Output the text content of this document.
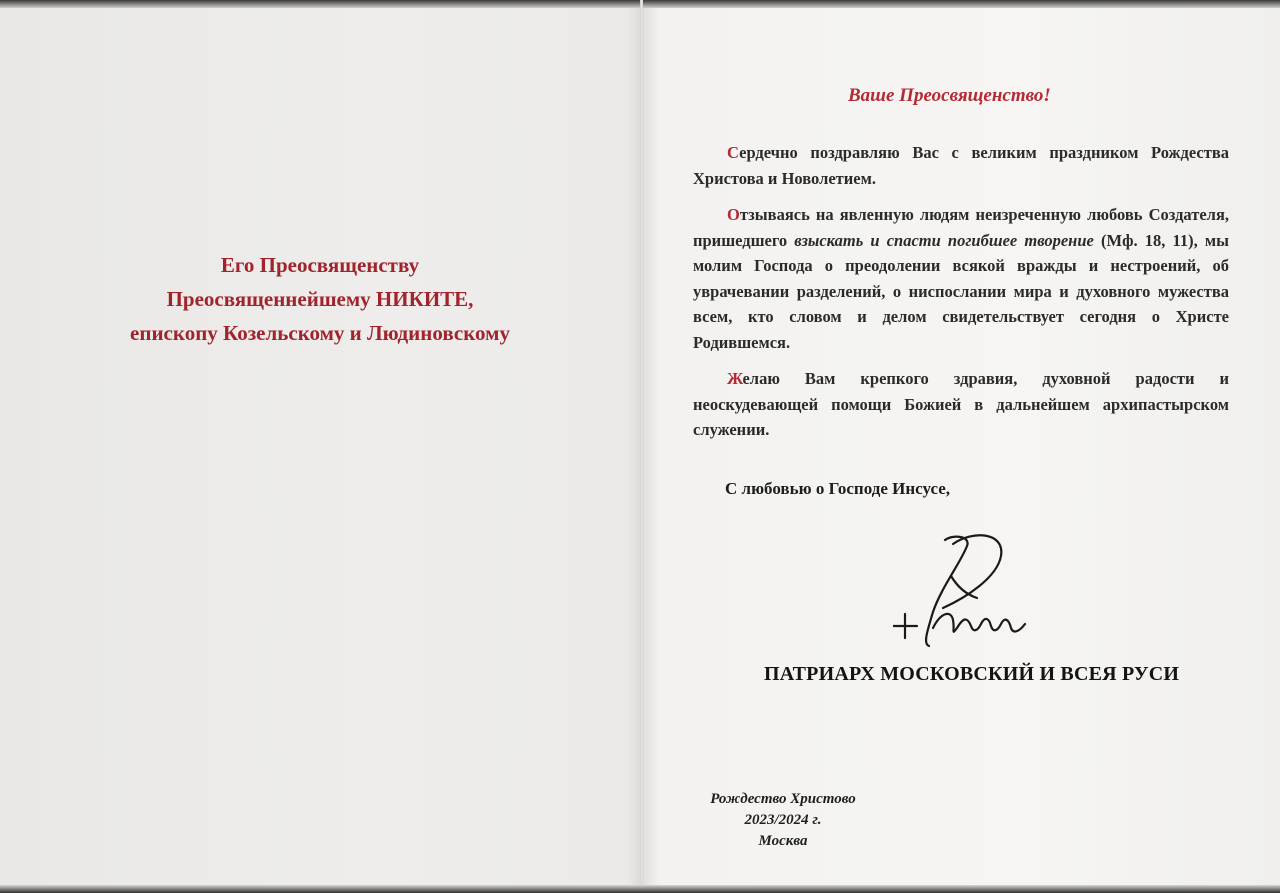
Его Преосвященству
Преосвященнейшему НИКИТЕ,
епископу Козельскому и Людиновскому

Ваше Преосвященство!

Сердечно поздравляю Вас с великим праздником Рождества Христова и Новолетием.

Отзываясь на явленную людям неизреченную любовь Создателя, пришедшего взыскать и спасти погибшее творение (Мф. 18, 11), мы молим Господа о преодолении всякой вражды и нестроений, об уврачевании разделений, о ниспослании мира и духовного мужества всем, кто словом и делом свидетельствует сегодня о Христе Родившемся.

Желаю Вам крепкого здравия, духовной радости и неоскудевающей помощи Божией в дальнейшем архипастырском служении.

С любовью о Господе Инсусе,

ПАТРИАРХ МОСКОВСКИЙ И ВСЕЯ РУСИ

Рождество Христово
2023/2024 г.
Москва
